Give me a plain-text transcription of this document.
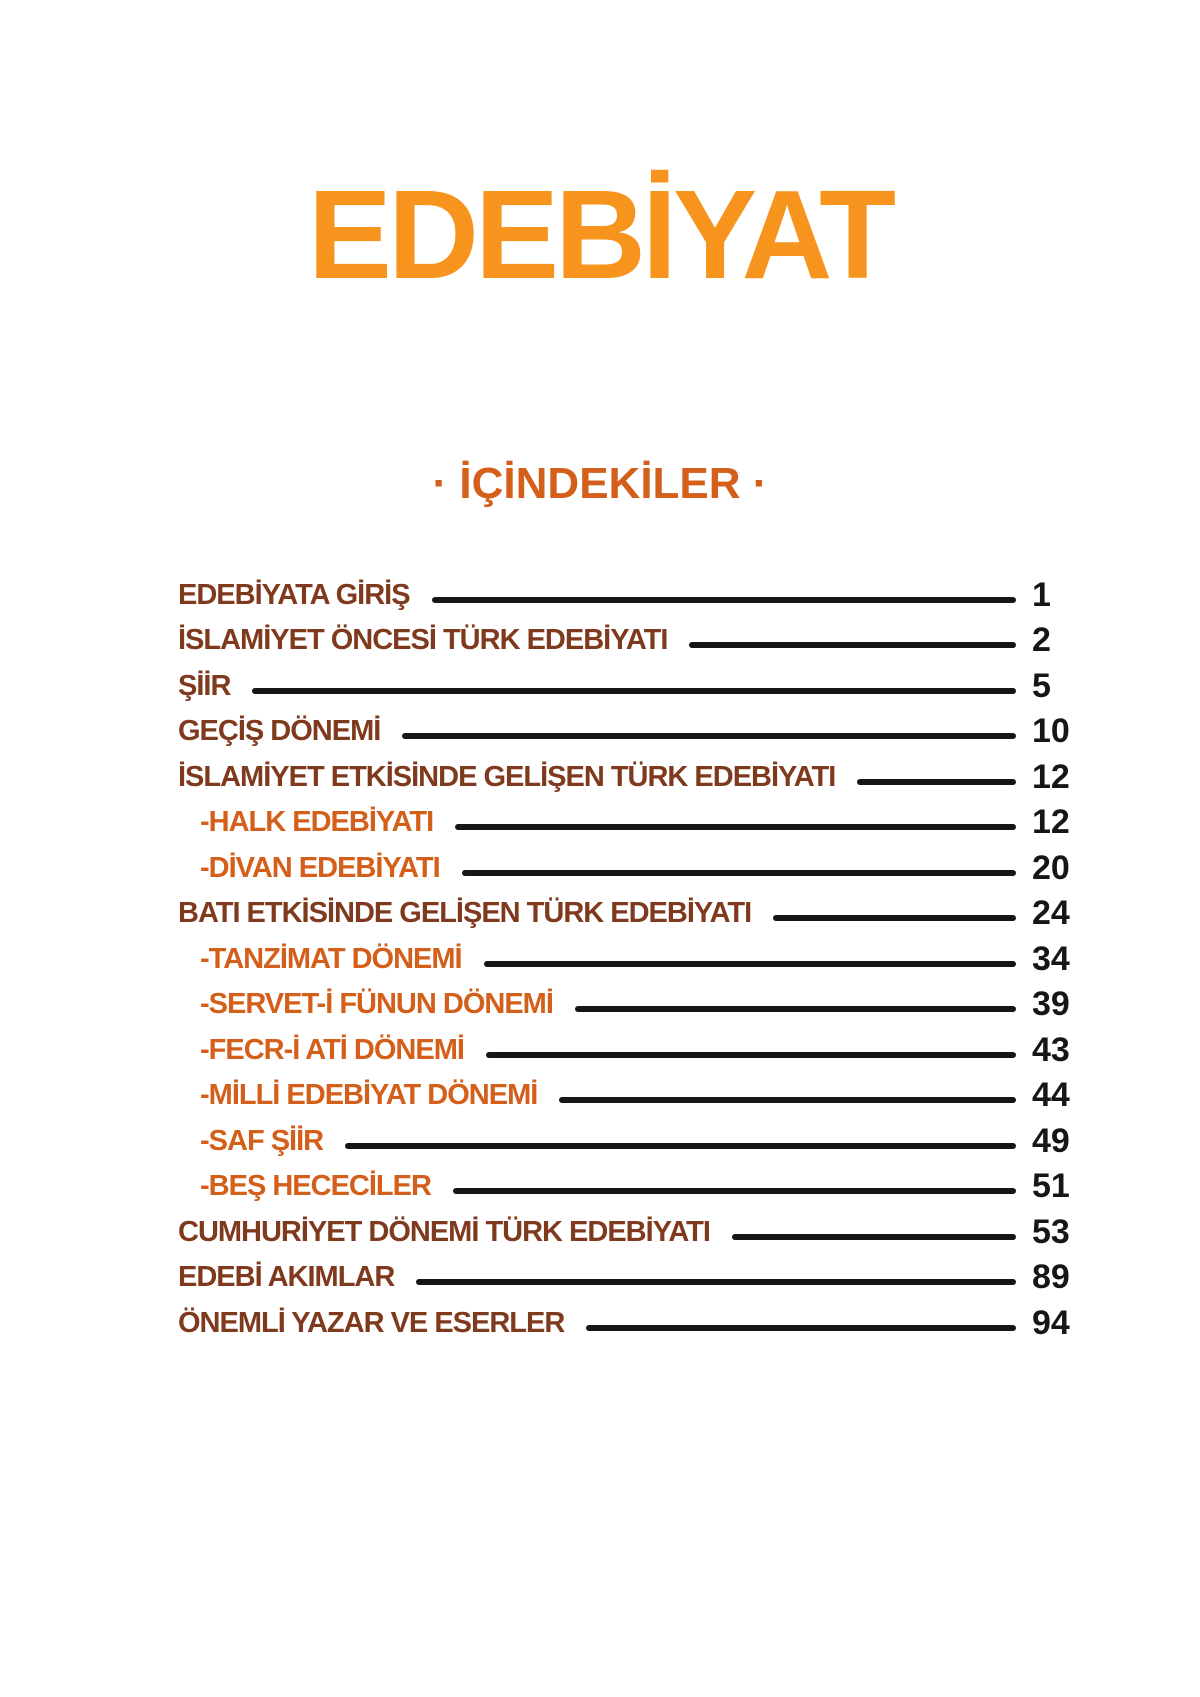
EDEBİYAT
· İÇİNDEKİLER ·
EDEBİYATA GİRİŞ	1
İSLAMİYET ÖNCESİ TÜRK EDEBİYATI	2
ŞİİR	5
GEÇİŞ DÖNEMİ	10
İSLAMİYET ETKİSİNDE GELİŞEN TÜRK EDEBİYATI	12
-HALK EDEBİYATI	12
-DİVAN EDEBİYATI	20
BATI ETKİSİNDE GELİŞEN TÜRK EDEBİYATI	24
-TANZİMAT DÖNEMİ	34
-SERVET-İ FÜNUN DÖNEMİ	39
-FECR-İ ATİ DÖNEMİ	43
-MİLLİ EDEBİYAT DÖNEMİ	44
-SAF ŞİİR	49
-BEŞ HECECİLER	51
CUMHURİYET DÖNEMİ TÜRK EDEBİYATI	53
EDEBİ AKIMLAR	89
ÖNEMLİ YAZAR VE ESERLER	94
